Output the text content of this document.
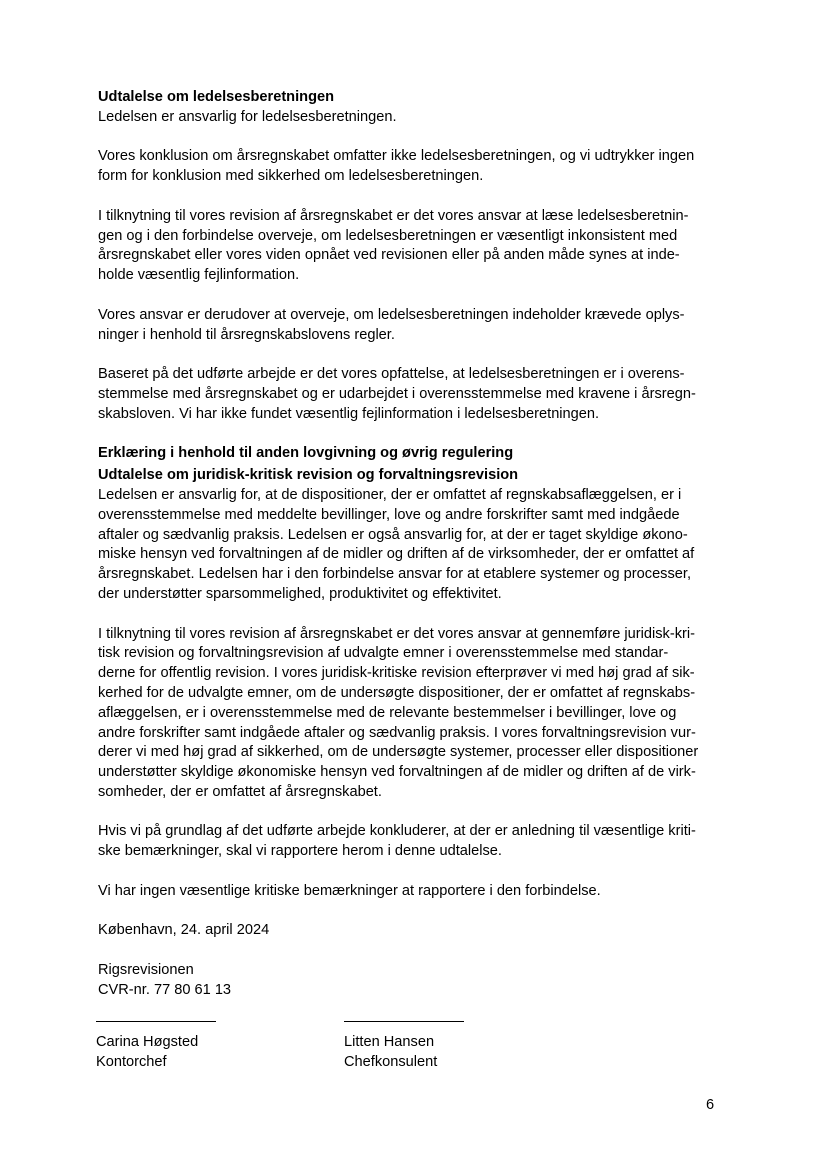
Udtalelse om ledelsesberetningen

Ledelsen er ansvarlig for ledelsesberetningen.

Vores konklusion om årsregnskabet omfatter ikke ledelsesberetningen, og vi udtrykker ingen
form for konklusion med sikkerhed om ledelsesberetningen.

I tilknytning til vores revision af årsregnskabet er det vores ansvar at læse ledelsesberetnin-
gen og i den forbindelse overveje, om ledelsesberetningen er væsentligt inkonsistent med
årsregnskabet eller vores viden opnået ved revisionen eller på anden måde synes at inde-
holde væsentlig fejlinformation.

Vores ansvar er derudover at overveje, om ledelsesberetningen indeholder krævede oplys-
ninger i henhold til årsregnskabslovens regler.

Baseret på det udførte arbejde er det vores opfattelse, at ledelsesberetningen er i overens-
stemmelse med årsregnskabet og er udarbejdet i overensstemmelse med kravene i årsregn-
skabsloven. Vi har ikke fundet væsentlig fejlinformation i ledelsesberetningen.

Erklæring i henhold til anden lovgivning og øvrig regulering
Udtalelse om juridisk-kritisk revision og forvaltningsrevision

Ledelsen er ansvarlig for, at de dispositioner, der er omfattet af regnskabsaflæggelsen, er i
overensstemmelse med meddelte bevillinger, love og andre forskrifter samt med indgåede
aftaler og sædvanlig praksis. Ledelsen er også ansvarlig for, at der er taget skyldige økono-
miske hensyn ved forvaltningen af de midler og driften af de virksomheder, der er omfattet af
årsregnskabet. Ledelsen har i den forbindelse ansvar for at etablere systemer og processer,
der understøtter sparsommelighed, produktivitet og effektivitet.

I tilknytning til vores revision af årsregnskabet er det vores ansvar at gennemføre juridisk-kri-
tisk revision og forvaltningsrevision af udvalgte emner i overensstemmelse med standar-
derne for offentlig revision. I vores juridisk-kritiske revision efterprøver vi med høj grad af sik-
kerhed for de udvalgte emner, om de undersøgte dispositioner, der er omfattet af regnskabs-
aflæggelsen, er i overensstemmelse med de relevante bestemmelser i bevillinger, love og
andre forskrifter samt indgåede aftaler og sædvanlig praksis. I vores forvaltningsrevision vur-
derer vi med høj grad af sikkerhed, om de undersøgte systemer, processer eller dispositioner
understøtter skyldige økonomiske hensyn ved forvaltningen af de midler og driften af de virk-
somheder, der er omfattet af årsregnskabet.

Hvis vi på grundlag af det udførte arbejde konkluderer, at der er anledning til væsentlige kriti-
ske bemærkninger, skal vi rapportere herom i denne udtalelse.

Vi har ingen væsentlige kritiske bemærkninger at rapportere i den forbindelse.

København, 24. april 2024

Rigsrevisionen
CVR-nr. 77 80 61 13

Carina Høgsted
Kontorchef
Litten Hansen
Chefkonsulent
6
